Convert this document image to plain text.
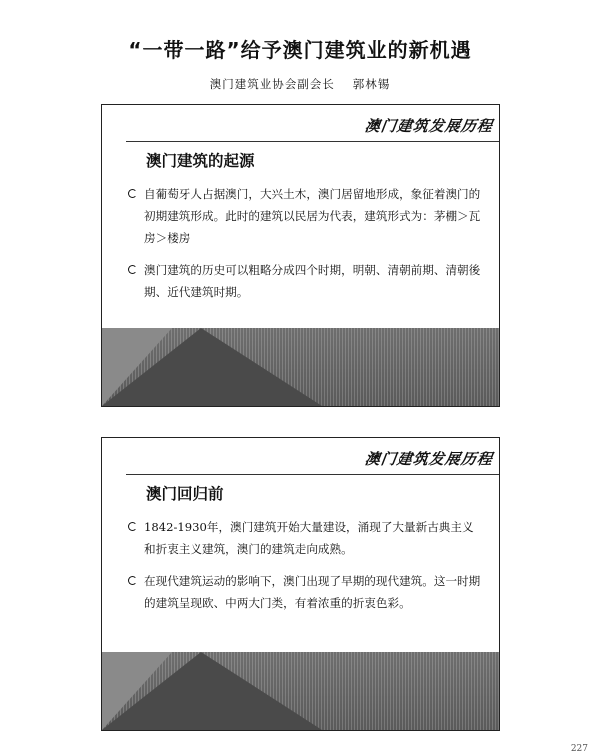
“一带一路”给予澳门建筑业的新机遇
澳门建筑业协会副会长 郭林锡
澳门建筑发展历程
澳门建筑的起源
自葡萄牙人占据澳门，大兴土木，澳门居留地形成，象征着澳门的初期建筑形成。此时的建筑以民居为代表，建筑形式为：茅棚＞瓦房＞楼房
澳门建筑的历史可以粗略分成四个时期，明朝、清朝前期、清朝後期、近代建筑时期。
澳门建筑发展历程
澳门回归前
1842-1930年，澳门建筑开始大量建设，涌现了大量新古典主义和折衷主义建筑，澳门的建筑走向成熟。
在现代建筑运动的影响下，澳门出现了早期的现代建筑。这一时期的建筑呈现欧、中两大门类，有着浓重的折衷色彩。
227
